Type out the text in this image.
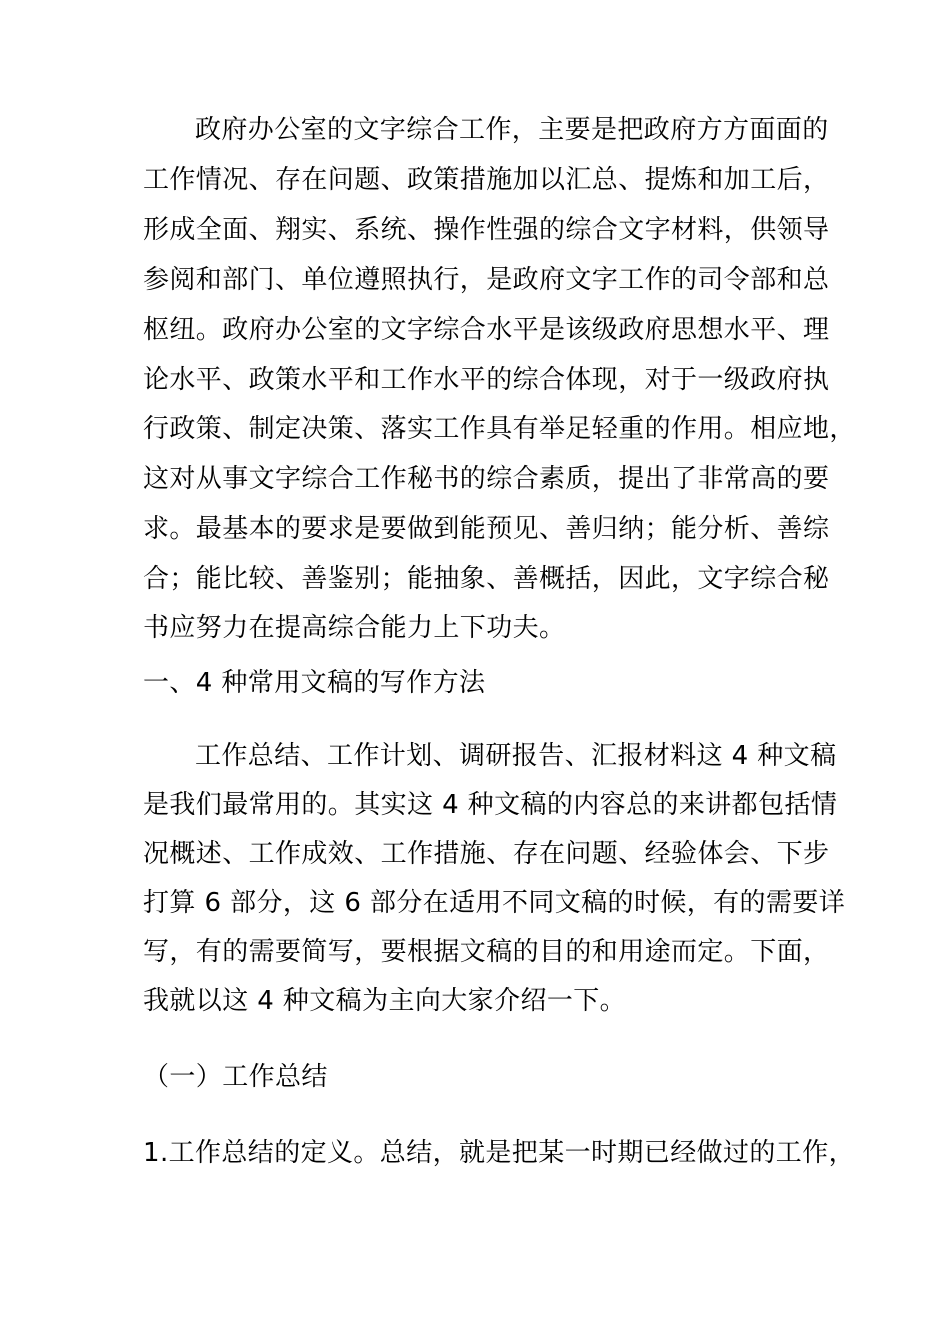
政府办公室的文字综合工作，主要是把政府方方面面的
工作情况、存在问题、政策措施加以汇总、提炼和加工后，
形成全面、翔实、系统、操作性强的综合文字材料，供领导
参阅和部门、单位遵照执行，是政府文字工作的司令部和总
枢纽。政府办公室的文字综合水平是该级政府思想水平、理
论水平、政策水平和工作水平的综合体现，对于一级政府执
行政策、制定决策、落实工作具有举足轻重的作用。相应地，
这对从事文字综合工作秘书的综合素质，提出了非常高的要
求。最基本的要求是要做到能预见、善归纳；能分析、善综
合；能比较、善鉴别；能抽象、善概括，因此，文字综合秘
书应努力在提高综合能力上下功夫。
一、4 种常用文稿的写作方法
工作总结、工作计划、调研报告、汇报材料这 4 种文稿
是我们最常用的。其实这 4 种文稿的内容总的来讲都包括情
况概述、工作成效、工作措施、存在问题、经验体会、下步
打算 6 部分，这 6 部分在适用不同文稿的时候，有的需要详
写，有的需要简写，要根据文稿的目的和用途而定。下面，
我就以这 4 种文稿为主向大家介绍一下。
（一）工作总结
1.工作总结的定义。总结，就是把某一时期已经做过的工作，
